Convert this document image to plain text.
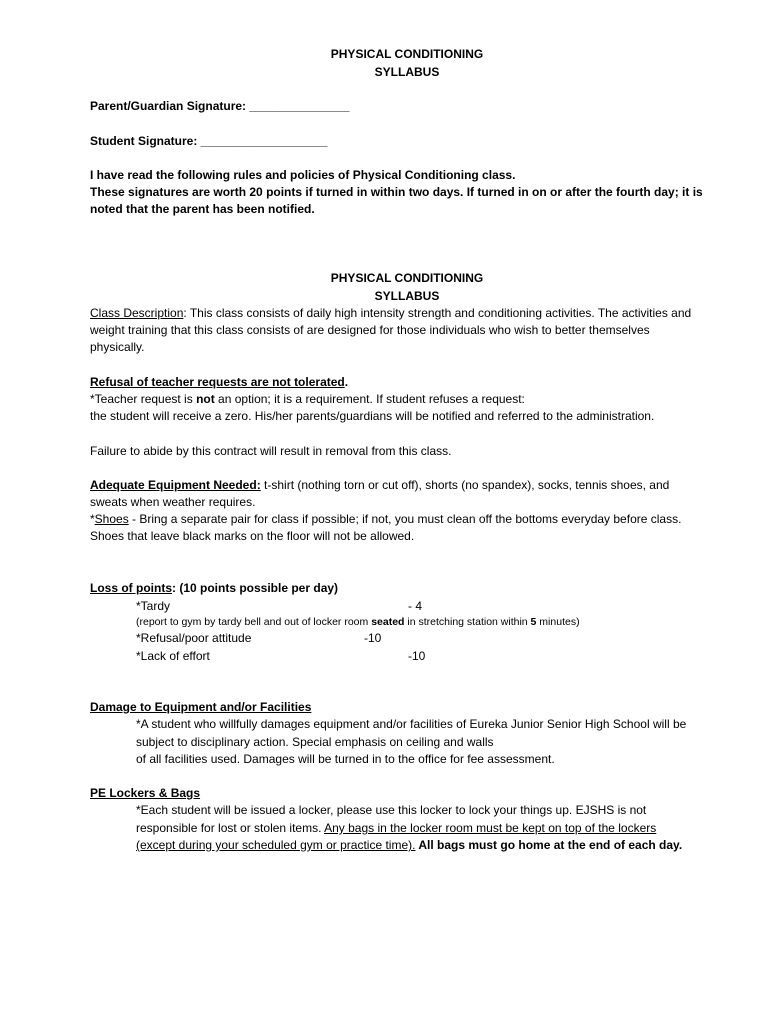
PHYSICAL CONDITIONING
SYLLABUS
Parent/Guardian Signature: _______________
Student Signature: ___________________
I have read the following rules and policies of Physical Conditioning class.
These signatures are worth 20 points if turned in within two days. If turned in on or after the fourth day; it is
noted that the parent has been notified.
PHYSICAL CONDITIONING
SYLLABUS
Class Description: This class consists of daily high intensity strength and conditioning activities. The activities and
weight training that this class consists of are designed for those individuals who wish to better themselves
physically.
Refusal of teacher requests are not tolerated.
*Teacher request is not an option; it is a requirement. If student refuses a request:
the student will receive a zero. His/her parents/guardians will be notified and referred to the administration.
Failure to abide by this contract will result in removal from this class.
Adequate Equipment Needed: t-shirt (nothing torn or cut off), shorts (no spandex), socks, tennis shoes, and
sweats when weather requires.
*Shoes - Bring a separate pair for class if possible; if not, you must clean off the bottoms everyday before class.
Shoes that leave black marks on the floor will not be allowed.
Loss of points: (10 points possible per day)
*Tardy	- 4
(report to gym by tardy bell and out of locker room seated in stretching station within 5 minutes)
*Refusal/poor attitude	-10
*Lack of effort	-10
Damage to Equipment and/or Facilities
*A student who willfully damages equipment and/or facilities of Eureka Junior Senior High School will be
subject to disciplinary action. Special emphasis on ceiling and walls
of all facilities used. Damages will be turned in to the office for fee assessment.
PE Lockers & Bags
*Each student will be issued a locker, please use this locker to lock your things up. EJSHS is not
responsible for lost or stolen items. Any bags in the locker room must be kept on top of the lockers
(except during your scheduled gym or practice time). All bags must go home at the end of each day.
